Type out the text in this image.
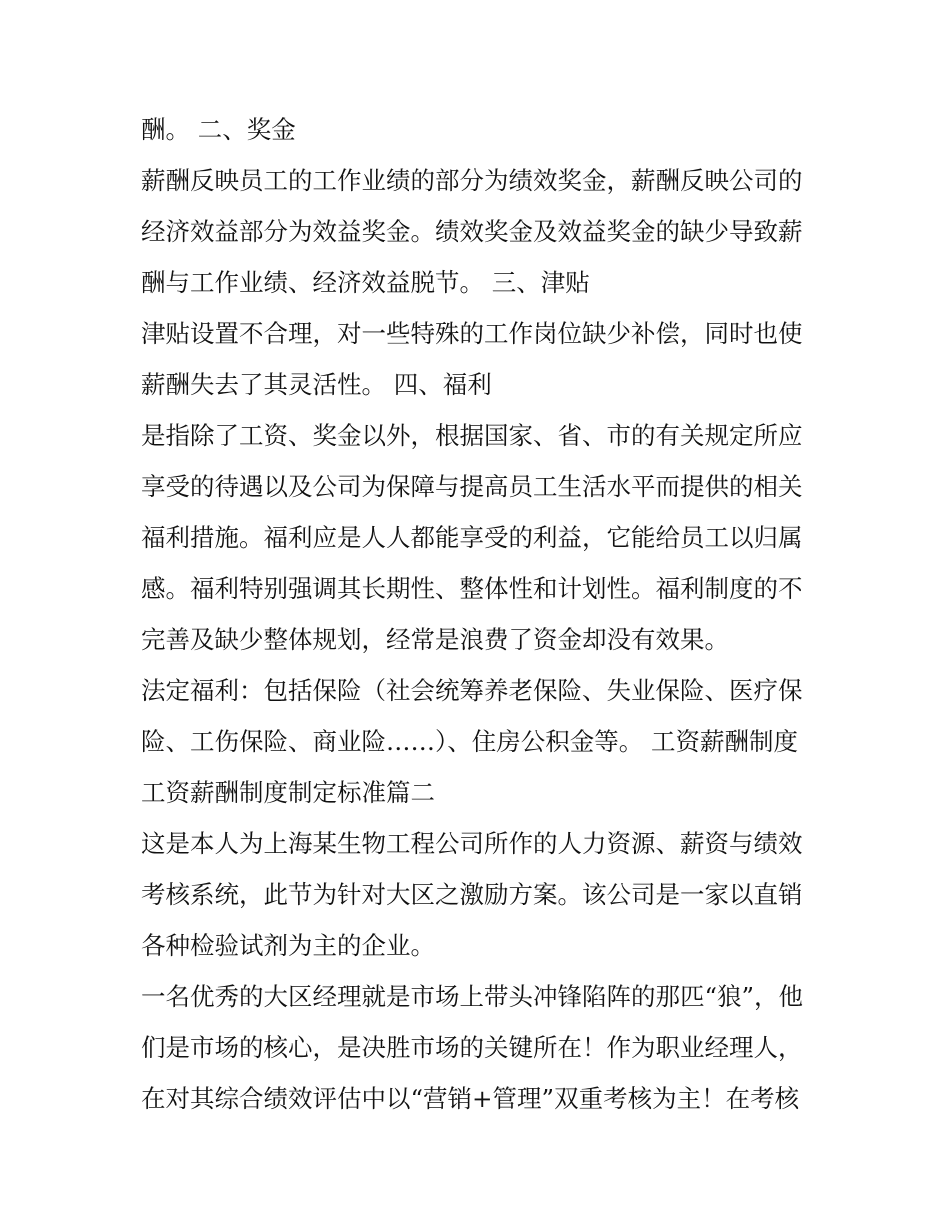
酬。 二、奖金
薪酬反映员工的工作业绩的部分为绩效奖金，薪酬反映公司的
经济效益部分为效益奖金。绩效奖金及效益奖金的缺少导致薪
酬与工作业绩、经济效益脱节。 三、津贴
津贴设置不合理，对一些特殊的工作岗位缺少补偿，同时也使
薪酬失去了其灵活性。 四、福利
是指除了工资、奖金以外，根据国家、省、市的有关规定所应
享受的待遇以及公司为保障与提高员工生活水平而提供的相关
福利措施。福利应是人人都能享受的利益，它能给员工以归属
感。福利特别强调其长期性、整体性和计划性。福利制度的不
完善及缺少整体规划，经常是浪费了资金却没有效果。
法定福利：包括保险（社会统筹养老保险、失业保险、医疗保
险、工伤保险、商业险……）、住房公积金等。 工资薪酬制度
工资薪酬制度制定标准篇二
这是本人为上海某生物工程公司所作的人力资源、薪资与绩效
考核系统，此节为针对大区之激励方案。该公司是一家以直销
各种检验试剂为主的企业。
一名优秀的大区经理就是市场上带头冲锋陷阵的那匹“狼”，他
们是市场的核心，是决胜市场的关键所在！作为职业经理人，
在对其综合绩效评估中以“营销+管理”双重考核为主！在考核
